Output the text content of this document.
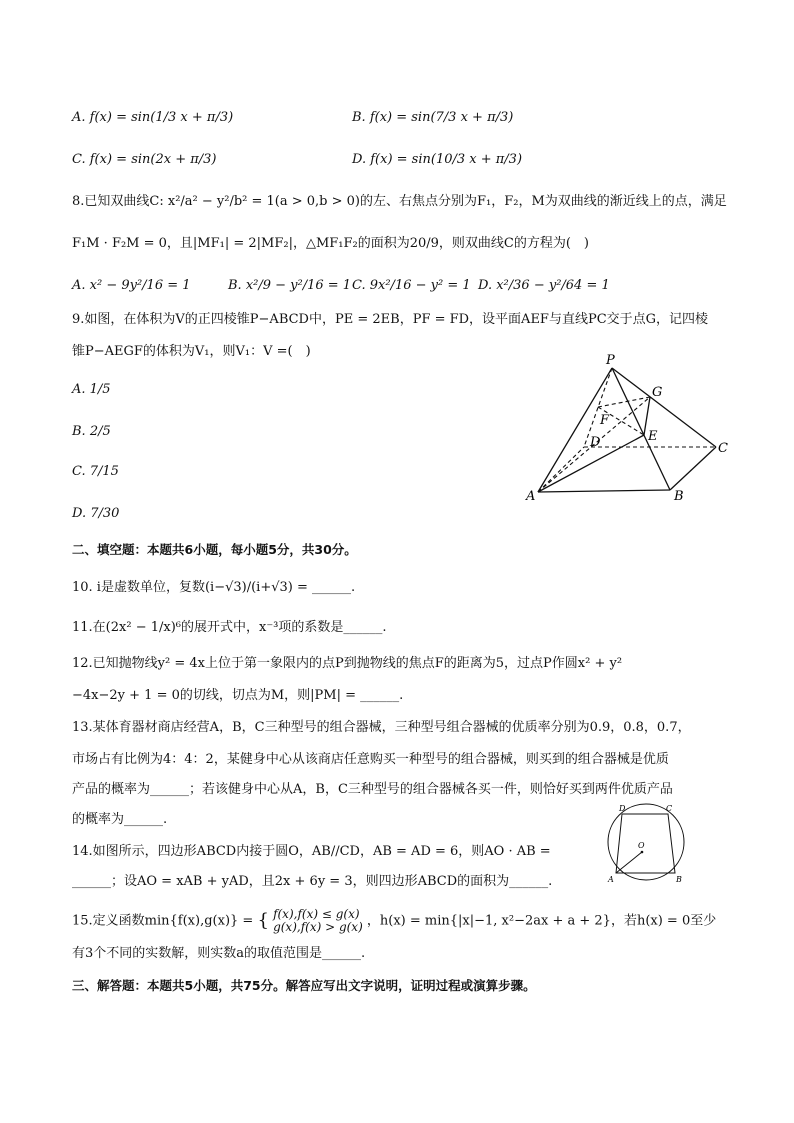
A. f(x) = sin(1/3 x + π/3)	B. f(x) = sin(7/3 x + π/3)
C. f(x) = sin(2x + π/3)	D. f(x) = sin(10/3 x + π/3)
8.已知双曲线C: x²/a² − y²/b² = 1(a > 0,b > 0)的左、右焦点分别为F₁，F₂，M为双曲线的渐近线上的点，满足
F₁M · F₂M = 0，且|MF₁| = 2|MF₂|，△MF₁F₂的面积为20/9，则双曲线C的方程为(　)
A. x² − 9y²/16 = 1	B. x²/9 − y²/16 = 1 C. 9x²/16 − y² = 1 D. x²/36 − y²/64 = 1
9.如图，在体积为V的正四棱锥P−ABCD中，PE = 2EB，PF = FD，设平面AEF与直线PC交于点G，记四棱
锥P−AEGF的体积为V₁，则V₁：V =(　)
A. 1/5
B. 2/5
C. 7/15
D. 7/30
P
G
F
D	E
C
A	B
二、填空题：本题共6小题，每小题5分，共30分。
10. i是虚数单位，复数(i−√3)/(i+√3) = ______.
11.在(2x² − 1/x)⁶的展开式中，x⁻³项的系数是______.
12.已知抛物线y² = 4x上位于第一象限内的点P到抛物线的焦点F的距离为5，过点P作圆x² + y²
−4x−2y + 1 = 0的切线，切点为M，则|PM| = ______.
13.某体育器材商店经营A，B，C三种型号的组合器械，三种型号组合器械的优质率分别为0.9，0.8，0.7，
市场占有比例为4：4：2，某健身中心从该商店任意购买一种型号的组合器械，则买到的组合器械是优质
产品的概率为______；若该健身中心从A，B，C三种型号的组合器械各买一件，则恰好买到两件优质产品
的概率为______.
14.如图所示，四边形ABCD内接于圆O，AB//CD，AB = AD = 6，则AO · AB =
______；设AO = xAB + yAD，且2x + 6y = 3，则四边形ABCD的面积为______.
D	C
O
A	B
15.定义函数min{f(x),g(x)} = { f(x),f(x) ≤ g(x)
g(x),f(x) > g(x) ，h(x) = min{|x|−1, x²−2ax + a + 2}，若h(x) = 0至少
有3个不同的实数解，则实数a的取值范围是______.
三、解答题：本题共5小题，共75分。解答应写出文字说明，证明过程或演算步骤。
